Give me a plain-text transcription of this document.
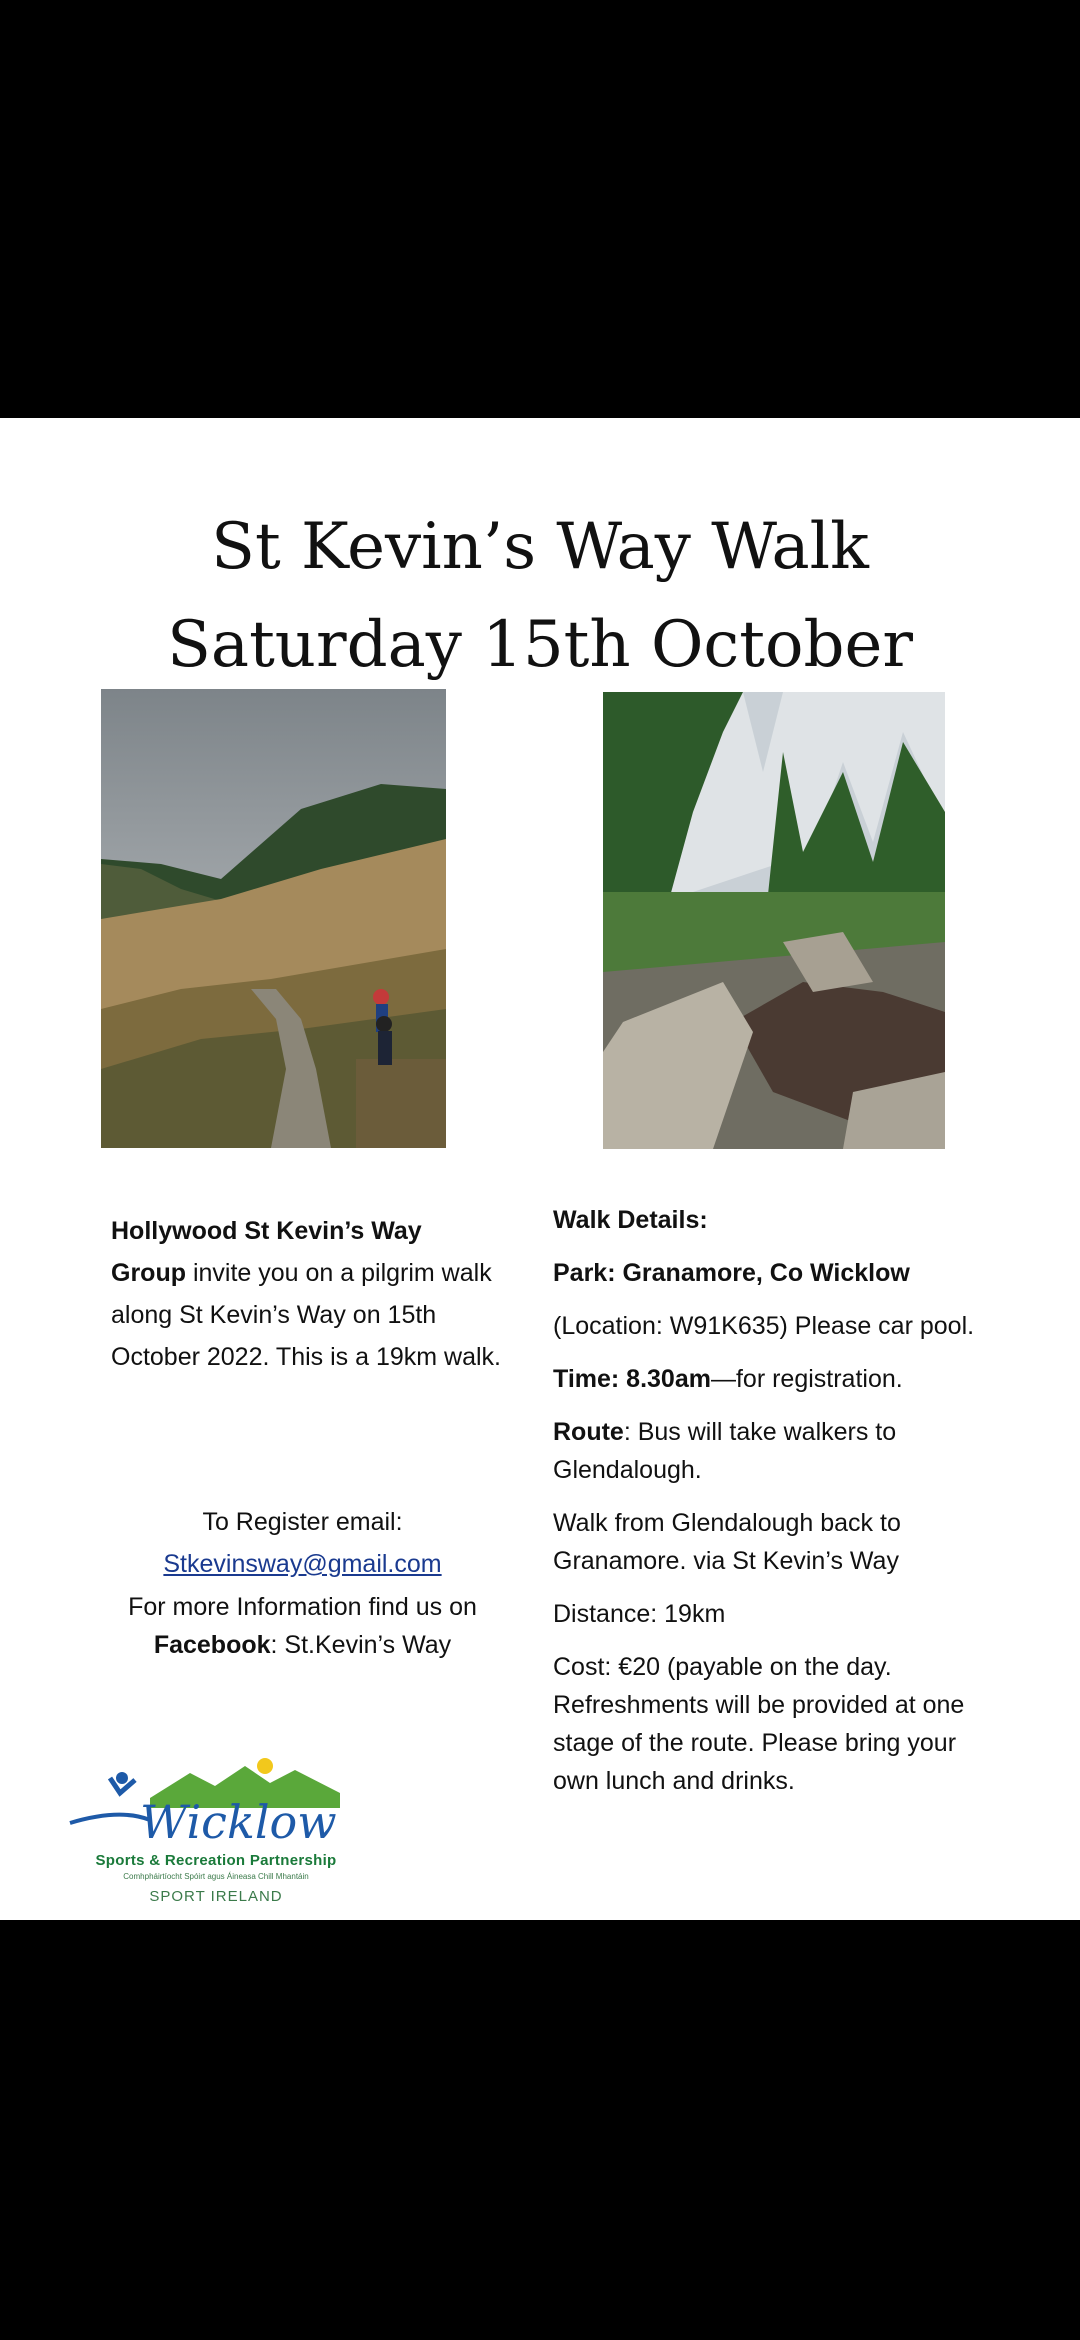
St Kevin’s Way Walk
Saturday 15th October
Hollywood St Kevin’s Way
Group invite you on a pilgrim walk along St Kevin’s Way on 15th October 2022. This is a 19km walk.
To Register email:
Stkevinsway@gmail.com
For more Information find us on
Facebook: St.Kevin’s Way

Walk Details:

Park: Granamore, Co Wicklow

(Location: W91K635) Please car pool.

Time: 8.30am—for registration.

Route: Bus will take walkers to Glendalough.

Walk from Glendalough back to Granamore. via St Kevin’s Way

Distance: 19km

Cost: €20 (payable on the day. Refreshments will be provided at one stage of the route. Please bring your own lunch and drinks.

Wicklow
Sports & Recreation Partnership
Comhpháirtíocht Spóirt agus Áineasa Chill Mhantáin
SPORT IRELAND
